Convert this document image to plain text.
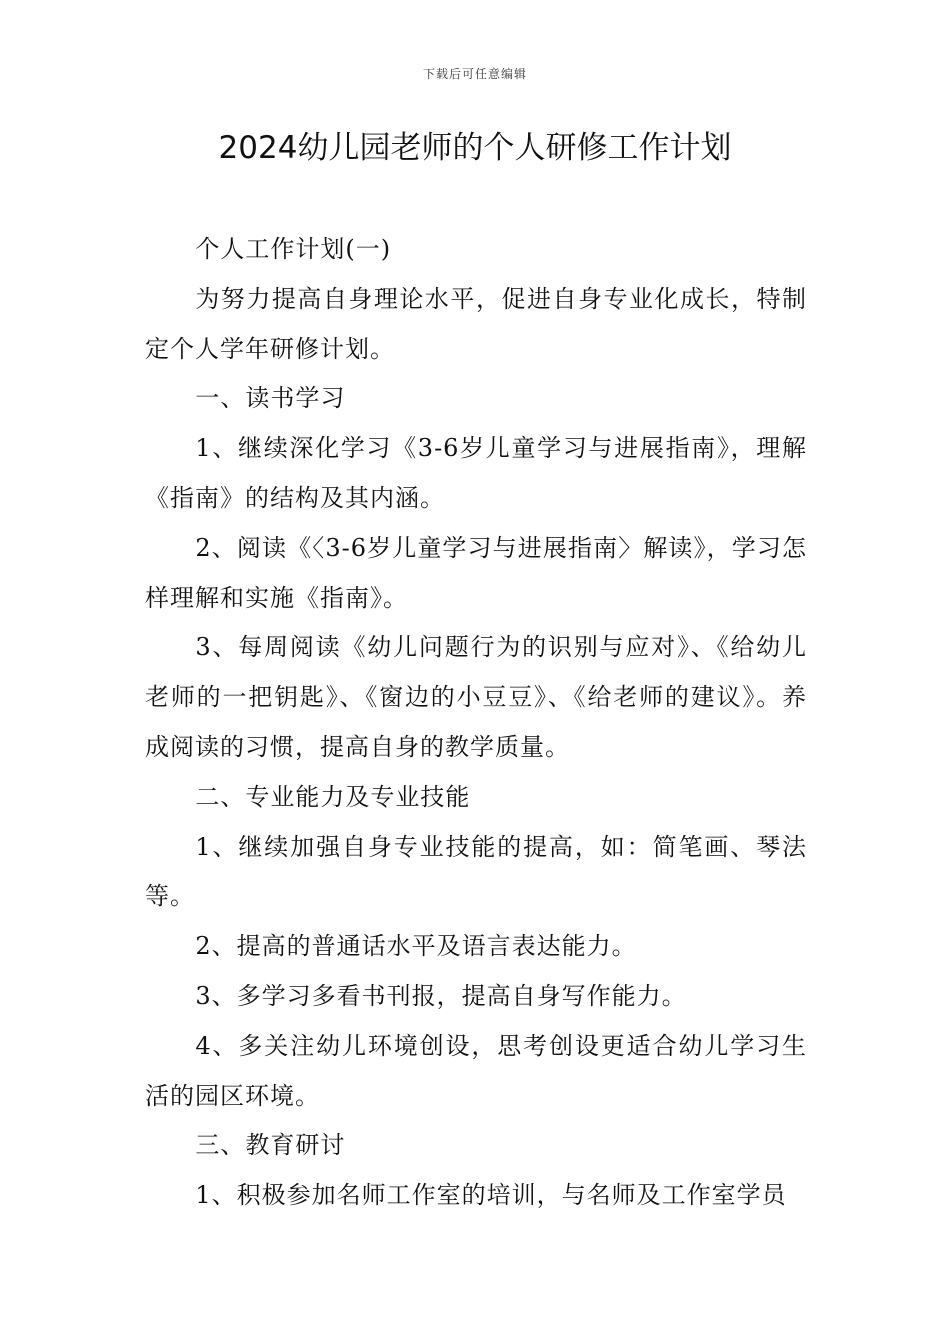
下载后可任意编辑
2024幼儿园老师的个人研修工作计划

个人工作计划(一)

为努力提高自身理论水平，促进自身专业化成长，特制定个人学年研修计划。

一、读书学习

1、继续深化学习《3-6岁儿童学习与进展指南》，理解《指南》的结构及其内涵。

2、阅读《〈3-6岁儿童学习与进展指南〉解读》，学习怎样理解和实施《指南》。

3、每周阅读《幼儿问题行为的识别与应对》、《给幼儿老师的一把钥匙》、《窗边的小豆豆》、《给老师的建议》。养成阅读的习惯，提高自身的教学质量。

二、专业能力及专业技能

1、继续加强自身专业技能的提高，如：简笔画、琴法等。

2、提高的普通话水平及语言表达能力。

3、多学习多看书刊报，提高自身写作能力。

4、多关注幼儿环境创设，思考创设更适合幼儿学习生活的园区环境。

三、教育研讨

1、积极参加名师工作室的培训，与名师及工作室学员
